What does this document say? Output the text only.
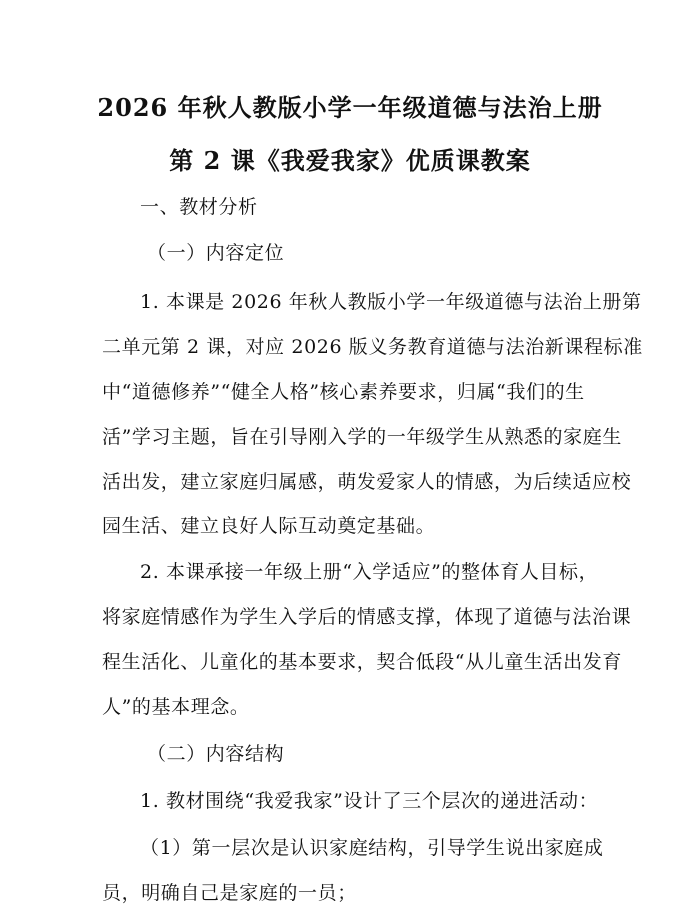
2026 年秋人教版小学一年级道德与法治上册
第 2 课《我爱我家》优质课教案
一、教材分析
（一）内容定位
1. 本课是 2026 年秋人教版小学一年级道德与法治上册第
二单元第 2 课，对应 2026 版义务教育道德与法治新课程标准
中“道德修养”“健全人格”核心素养要求，归属“我们的生
活”学习主题，旨在引导刚入学的一年级学生从熟悉的家庭生
活出发，建立家庭归属感，萌发爱家人的情感，为后续适应校
园生活、建立良好人际互动奠定基础。
2. 本课承接一年级上册“入学适应”的整体育人目标，
将家庭情感作为学生入学后的情感支撑，体现了道德与法治课
程生活化、儿童化的基本要求，契合低段“从儿童生活出发育
人”的基本理念。
（二）内容结构
1. 教材围绕“我爱我家”设计了三个层次的递进活动：
（1）第一层次是认识家庭结构，引导学生说出家庭成
员，明确自己是家庭的一员；
